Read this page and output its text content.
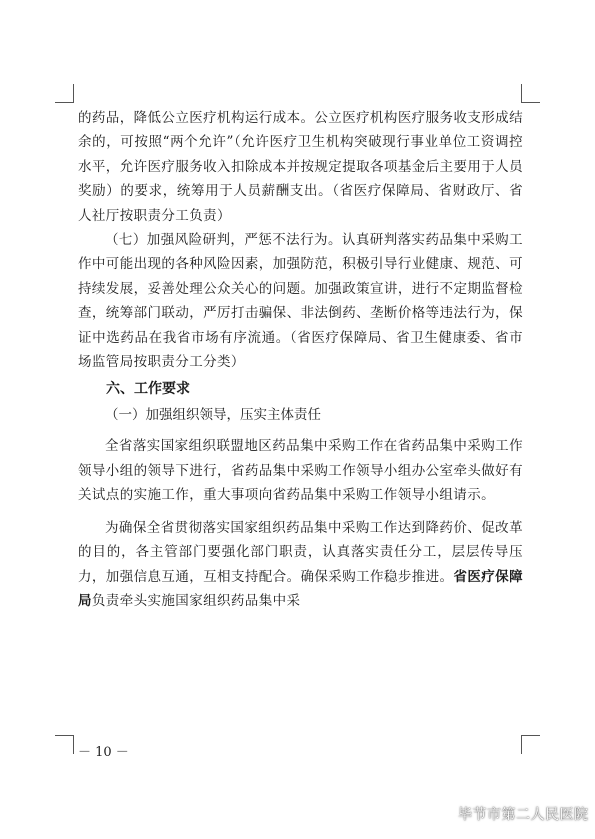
的药品，降低公立医疗机构运行成本。公立医疗机构医疗服务收支形成结余的，可按照“两个允许”（允许医疗卫生机构突破现行事业单位工资调控水平，允许医疗服务收入扣除成本并按规定提取各项基金后主要用于人员奖励）的要求，统筹用于人员薪酬支出。（省医疗保障局、省财政厅、省人社厅按职责分工负责）

（七）加强风险研判，严惩不法行为。认真研判落实药品集中采购工作中可能出现的各种风险因素，加强防范，积极引导行业健康、规范、可持续发展，妥善处理公众关心的问题。加强政策宣讲，进行不定期监督检查，统筹部门联动，严厉打击骗保、非法倒药、垄断价格等违法行为，保证中选药品在我省市场有序流通。（省医疗保障局、省卫生健康委、省市场监管局按职责分工分类）

六、工作要求

（一）加强组织领导，压实主体责任

全省落实国家组织联盟地区药品集中采购工作在省药品集中采购工作领导小组的领导下进行，省药品集中采购工作领导小组办公室牵头做好有关试点的实施工作，重大事项向省药品集中采购工作领导小组请示。

为确保全省贯彻落实国家组织药品集中采购工作达到降药价、促改革的目的，各主管部门要强化部门职责，认真落实责任分工，层层传导压力，加强信息互通，互相支持配合。确保采购工作稳步推进。省医疗保障局负责牵头实施国家组织药品集中采

－ 10 －
毕节市第二人民医院
